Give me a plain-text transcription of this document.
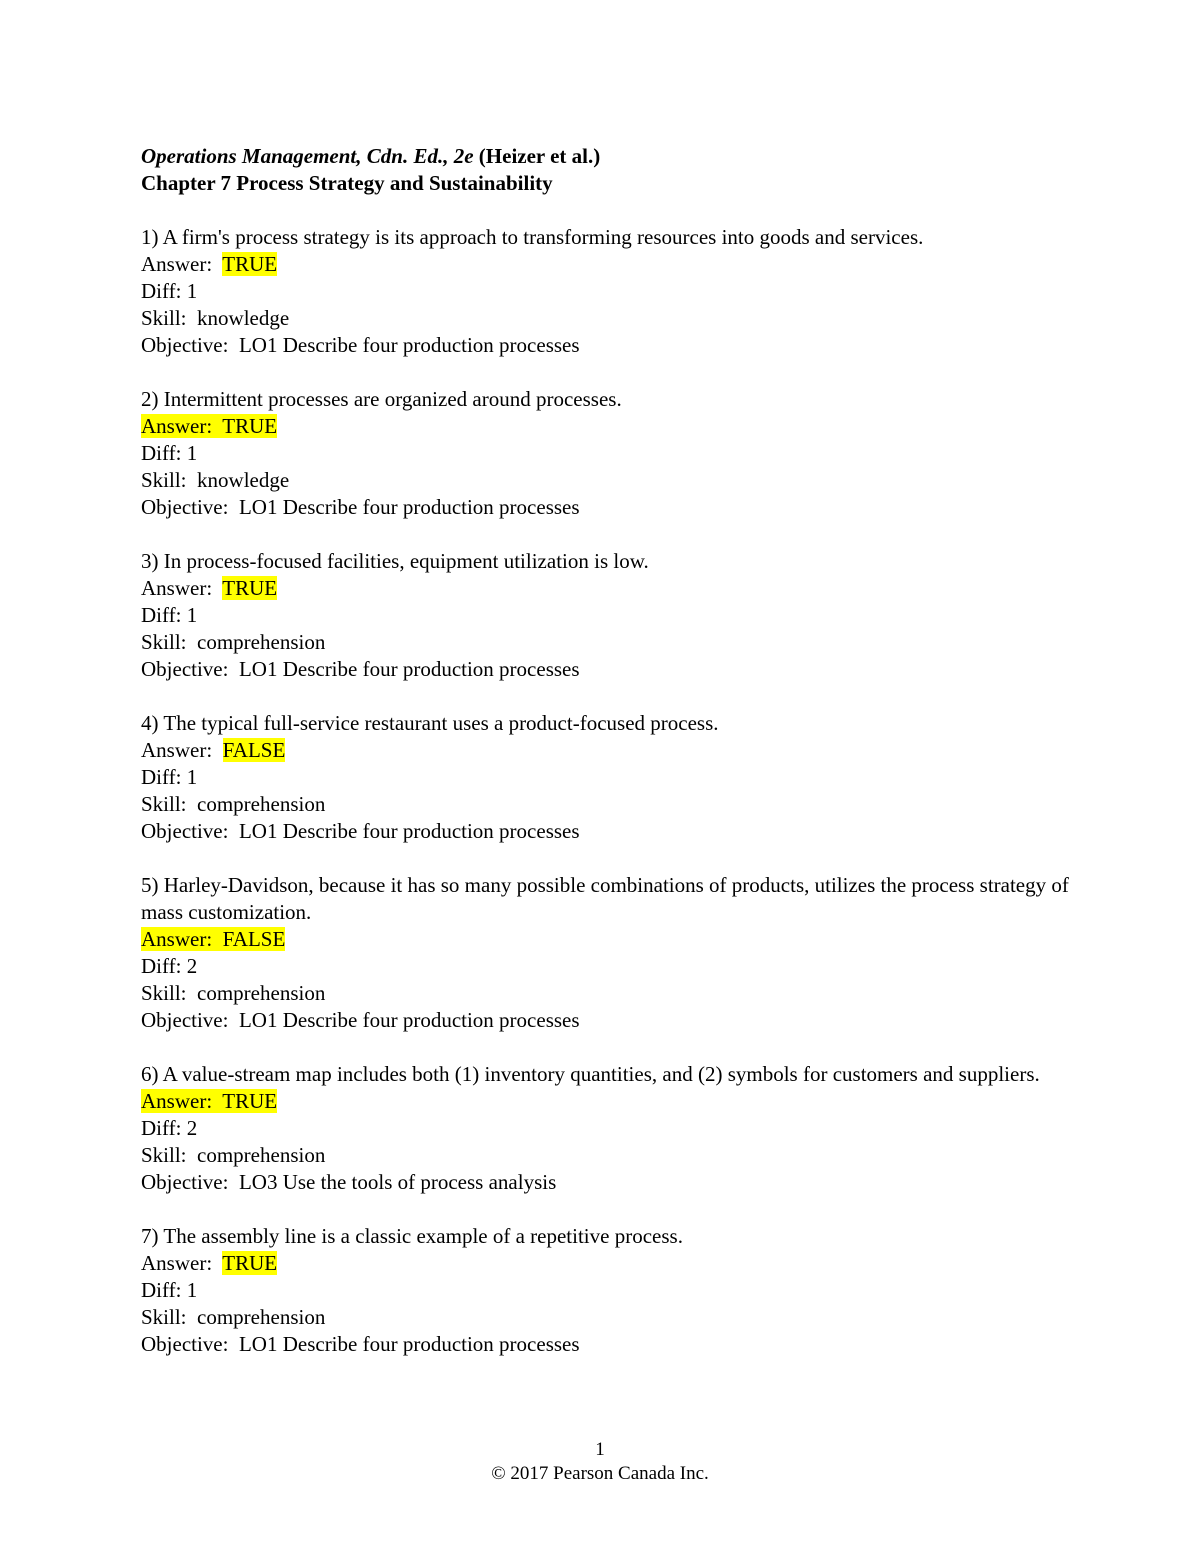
Operations Management, Cdn. Ed., 2e (Heizer et al.)
Chapter 7 Process Strategy and Sustainability
1) A firm's process strategy is its approach to transforming resources into goods and services.
Answer:  TRUE
Diff: 1
Skill:  knowledge
Objective:  LO1 Describe four production processes
2) Intermittent processes are organized around processes.
Answer:  TRUE
Diff: 1
Skill:  knowledge
Objective:  LO1 Describe four production processes
3) In process-focused facilities, equipment utilization is low.
Answer:  TRUE
Diff: 1
Skill:  comprehension
Objective:  LO1 Describe four production processes
4) The typical full-service restaurant uses a product-focused process.
Answer:  FALSE
Diff: 1
Skill:  comprehension
Objective:  LO1 Describe four production processes
5) Harley-Davidson, because it has so many possible combinations of products, utilizes the process strategy of mass customization.
Answer:  FALSE
Diff: 2
Skill:  comprehension
Objective:  LO1 Describe four production processes
6) A value-stream map includes both (1) inventory quantities, and (2) symbols for customers and suppliers.
Answer:  TRUE
Diff: 2
Skill:  comprehension
Objective:  LO3 Use the tools of process analysis
7) The assembly line is a classic example of a repetitive process.
Answer:  TRUE
Diff: 1
Skill:  comprehension
Objective:  LO1 Describe four production processes
1
© 2017 Pearson Canada Inc.
